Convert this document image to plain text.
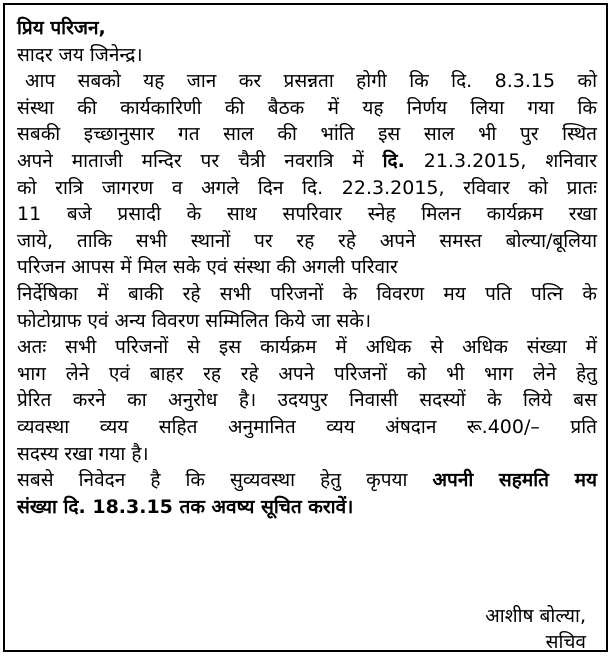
प्रिय परिजन,
सादर जय जिनेन्द्र।
आप सबको यह जान कर प्रसन्नता होगी कि दि. 8.3.15 को
संस्था की कार्यकारिणी की बैठक में यह निर्णय लिया गया कि
सबकी इच्छानुसार गत साल की भांति इस साल भी पुर स्थित
अपने माताजी मन्दिर पर चैत्री नवरात्रि में दि. 21.3.2015, शनिवार
को रात्रि जागरण व अगले दिन दि. 22.3.2015, रविवार को प्रातः
11 बजे प्रसादी के साथ सपरिवार स्नेह मिलन कार्यक्रम रखा
जाये, ताकि सभी स्थानों पर रह रहे अपने समस्त बोल्या/बूलिया
परिजन आपस में मिल सके एवं संस्था की अगली परिवार
निर्देषिका में बाकी रहे सभी परिजनों के विवरण मय पति पत्नि के
फोटोग्राफ एवं अन्य विवरण सम्मिलित किये जा सके।
अतः सभी परिजनों से इस कार्यक्रम में अधिक से अधिक संख्या में
भाग लेने एवं बाहर रह रहे अपने परिजनों को भी भाग लेने हेतु
प्रेरित करने का अनुरोध है। उदयपुर निवासी सदस्यों के लिये बस
व्यवस्था व्यय सहित अनुमानित व्यय अंषदान रू.400/– प्रति
सदस्य रखा गया है।
सबसे निवेदन है कि सुव्यवस्था हेतु कृपया अपनी सहमति मय
संख्या दि. 18.3.15 तक अवष्य सूचित करावें।
आशीष बोल्या,
सचिव
